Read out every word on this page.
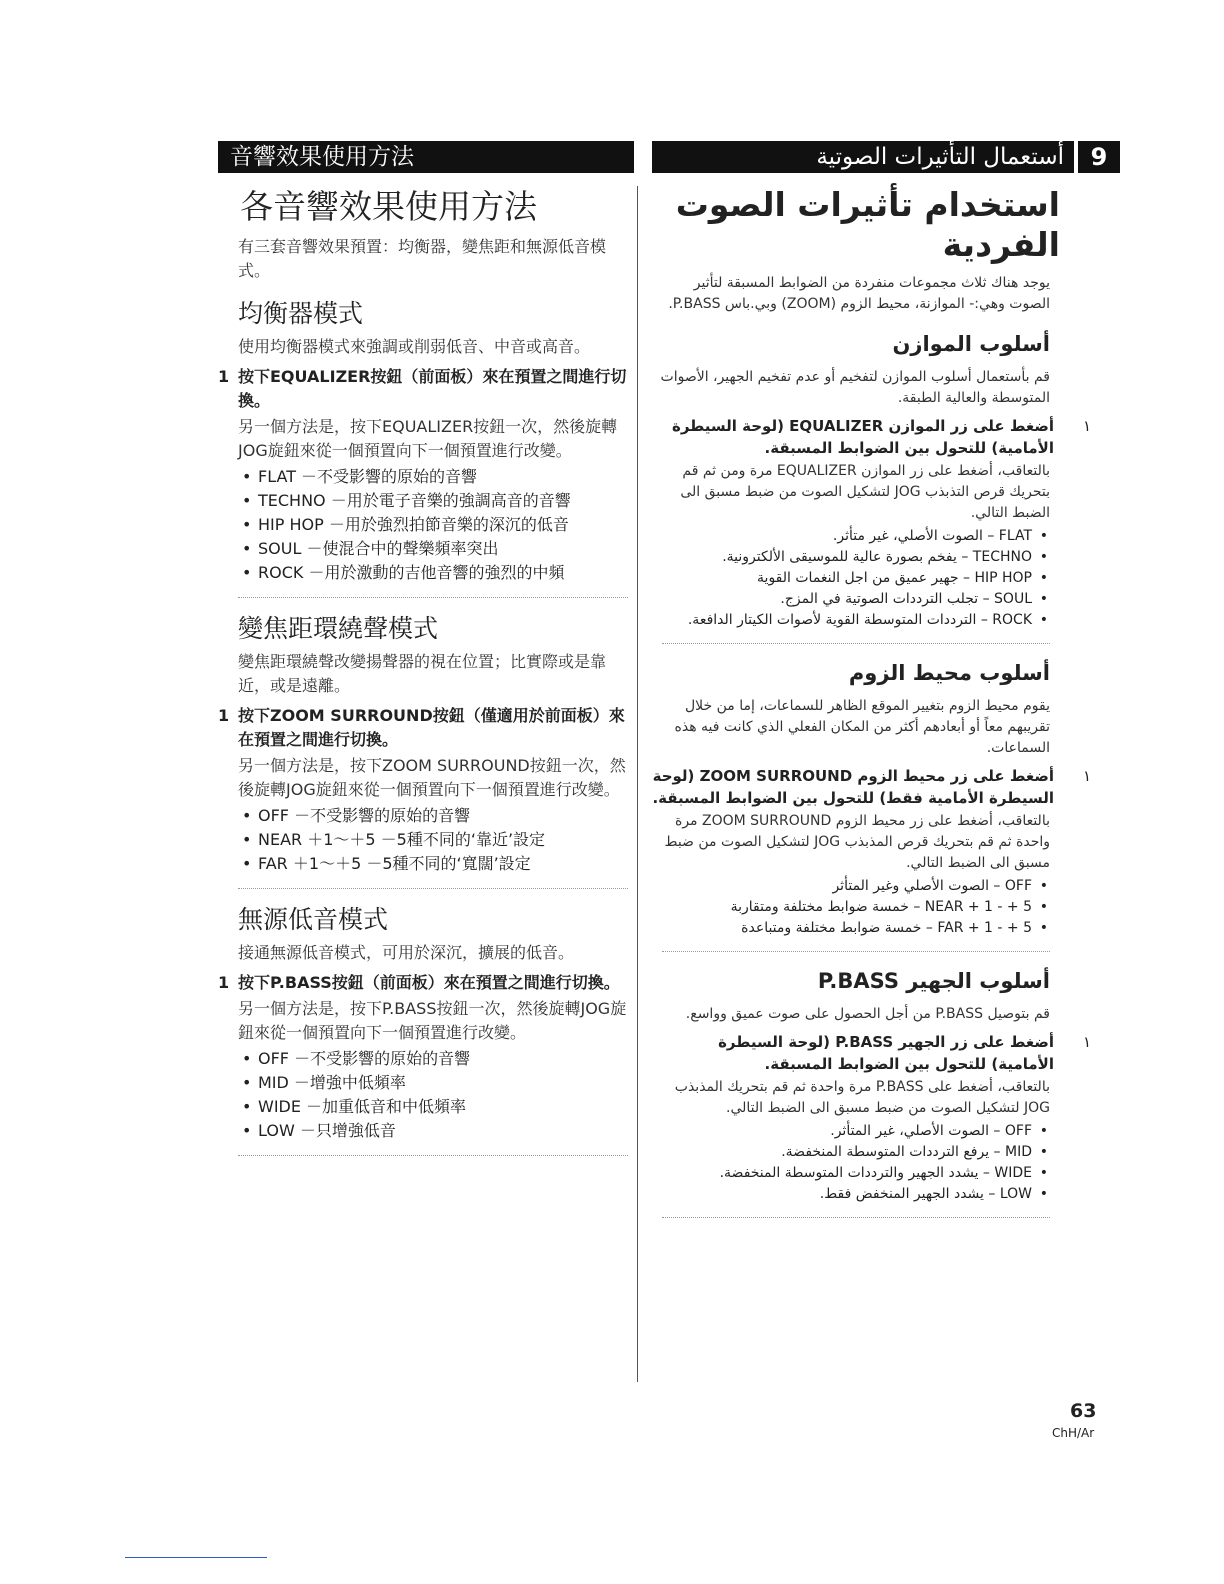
音響效果使用方法
各音響效果使用方法
有三套音響效果預置：均衡器，變焦距和無源低音模式。
均衡器模式
使用均衡器模式來強調或削弱低音、中音或高音。
1 按下EQUALIZER按鈕（前面板）來在預置之間進行切換。
另一個方法是，按下EQUALIZER按鈕一次，然後旋轉JOG旋鈕來從一個預置向下一個預置進行改變。
• FLAT －不受影響的原始的音響
• TECHNO －用於電子音樂的強調高音的音響
• HIP HOP －用於強烈拍節音樂的深沉的低音
• SOUL －使混合中的聲樂頻率突出
• ROCK －用於激動的吉他音響的強烈的中頻
變焦距環繞聲模式
變焦距環繞聲改變揚聲器的視在位置；比實際或是靠近，或是遠離。
1 按下ZOOM SURROUND按鈕（僅適用於前面板）來在預置之間進行切換。
另一個方法是，按下ZOOM SURROUND按鈕一次，然後旋轉JOG旋鈕來從一個預置向下一個預置進行改變。
• OFF －不受影響的原始的音響
• NEAR ＋1～＋5 －5種不同的‘靠近’設定
• FAR ＋1～＋5 －5種不同的‘寬闊’設定
無源低音模式
接通無源低音模式，可用於深沉，擴展的低音。
1 按下P.BASS按鈕（前面板）來在預置之間進行切換。
另一個方法是，按下P.BASS按鈕一次，然後旋轉JOG旋鈕來從一個預置向下一個預置進行改變。
• OFF －不受影響的原始的音響
• MID －增強中低頻率
• WIDE －加重低音和中低頻率
• LOW －只增強低音
9
أستعمال التأثيرات الصوتية
استخدام تأثيرات الصوت الفردية
يوجد هناك ثلاث مجموعات منفردة من الضوابط المسبقة لتأثير الصوت وهي:- الموازنة، محيط الزوم (ZOOM) وبي.باس P.BASS.
أسلوب الموازن
قم بأستعمال أسلوب الموازن لتفخيم أو عدم تفخيم الجهير، الأصوات المتوسطة والعالية الطبقة.
١
أضغط على زر الموازن EQUALIZER (لوحة السيطرة الأمامية) للتحول بين الضوابط المسبقة.
بالتعاقب، أضغط على زر الموازن EQUALIZER مرة ومن ثم قم بتحريك قرص التذبذب JOG لتشكيل الصوت من ضبط مسبق الى الضبط التالي.
• FLAT – الصوت الأصلي، غير متأثر.
• TECHNO – يفخم بصورة عالية للموسيقى الألكترونية.
• HIP HOP – جهير عميق من اجل النغمات القوية
• SOUL – تجلب الترددات الصوتية في المزج.
• ROCK – الترددات المتوسطة القوية لأصوات الكيتار الدافعة.
أسلوب محيط الزوم
يقوم محيط الزوم بتغيير الموقع الظاهر للسماعات، إما من خلال تقريبهم معاً أو أبعادهم أكثر من المكان الفعلي الذي كانت فيه هذه السماعات.
١
أضغط على زر محيط الزوم ZOOM SURROUND (لوحة السيطرة الأمامية فقط) للتحول بين الضوابط المسبقة.
بالتعاقب، أضغط على زر محيط الزوم ZOOM SURROUND مرة واحدة ثم قم بتحريك قرص المذبذب JOG لتشكيل الصوت من ضبط مسبق الى الضبط التالي.
• OFF – الصوت الأصلي وغير المتأثر
• NEAR + 1 - + 5 – خمسة ضوابط مختلفة ومتقاربة
• FAR + 1 - + 5 – خمسة ضوابط مختلفة ومتباعدة
أسلوب الجهير P.BASS
قم بتوصيل P.BASS من أجل الحصول على صوت عميق وواسع.
١
أضغط على زر الجهير P.BASS (لوحة السيطرة الأمامية) للتحول بين الضوابط المسبقة.
بالتعاقب، أضغط على P.BASS مرة واحدة ثم قم بتحريك المذبذب JOG لتشكيل الصوت من ضبط مسبق الى الضبط التالي.
• OFF – الصوت الأصلي، غير المتأثر.
• MID – يرفع الترددات المتوسطة المنخفضة.
• WIDE – يشدد الجهير والترددات المتوسطة المنخفضة.
• LOW – يشدد الجهير المنخفض فقط.
63
ChH/Ar
